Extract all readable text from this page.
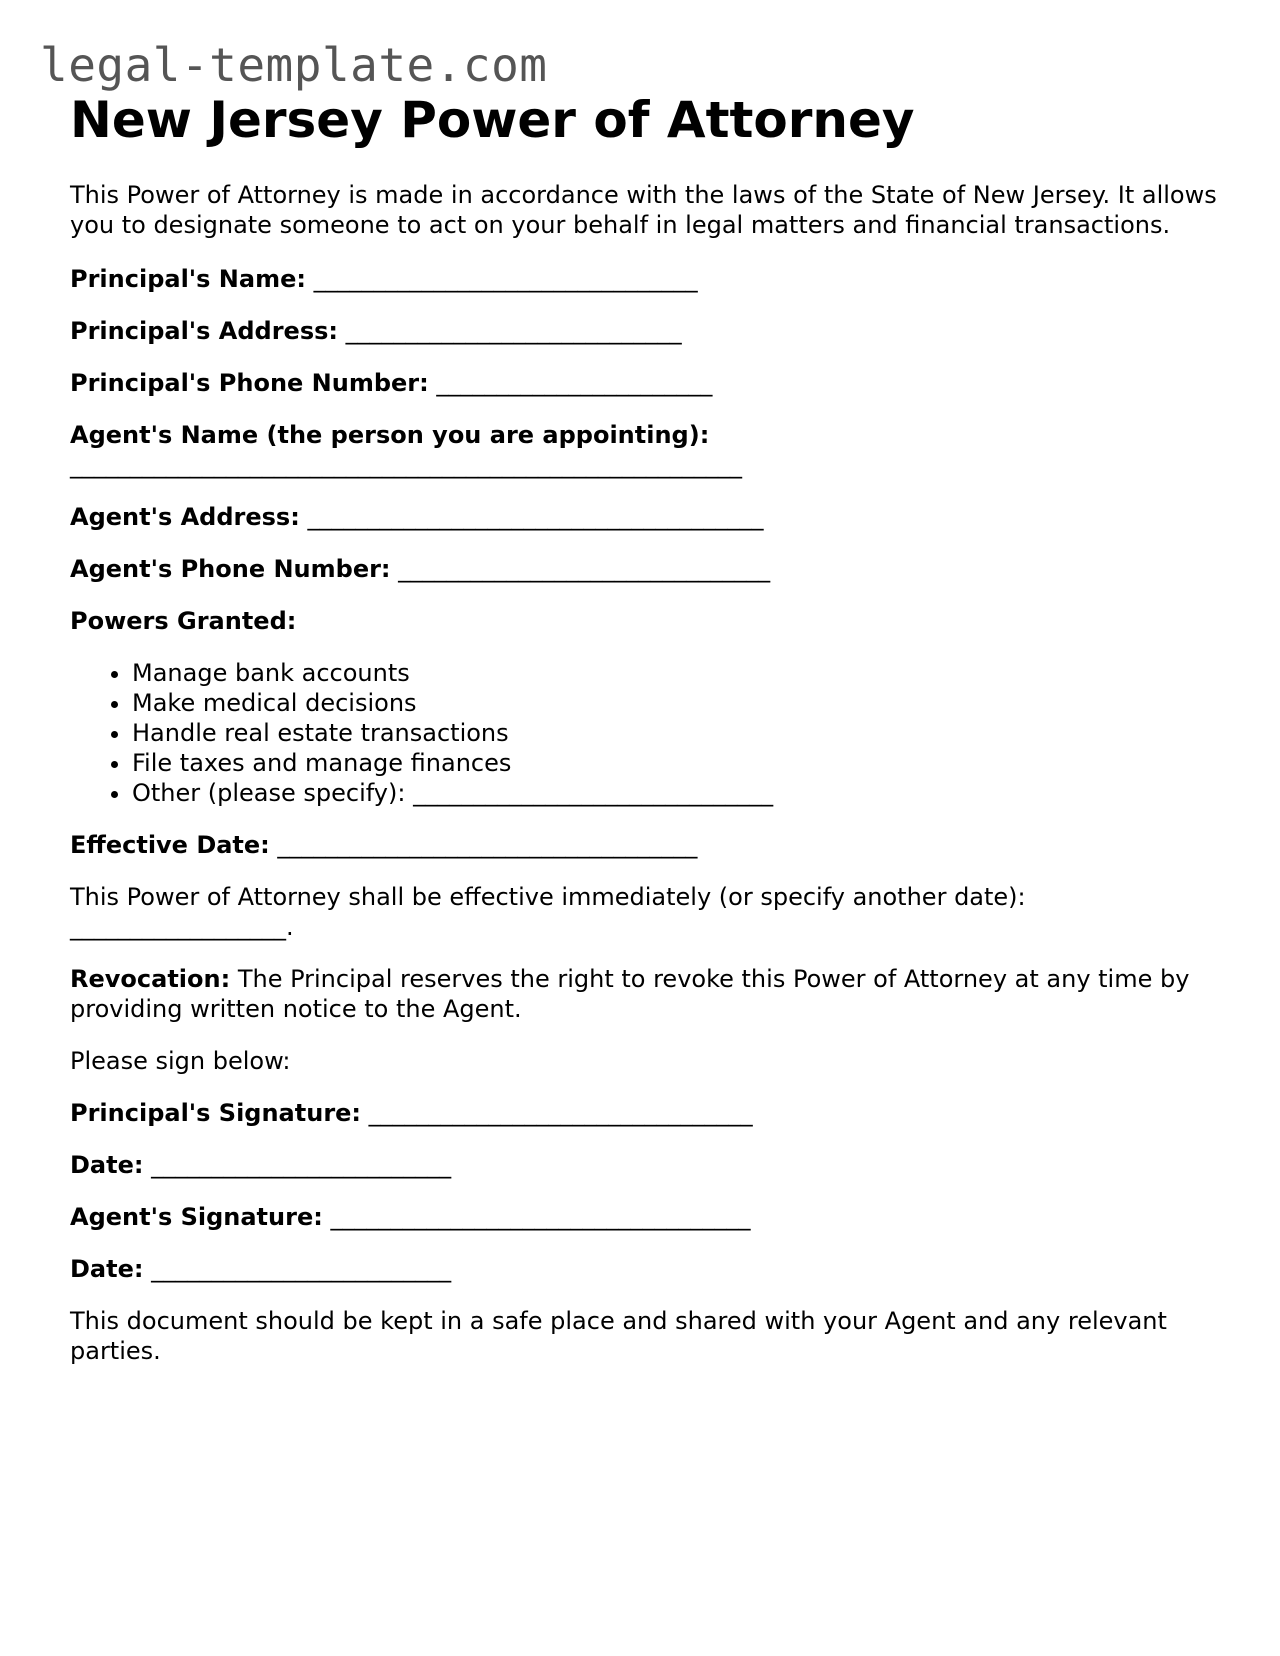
legal-template.com
New Jersey Power of Attorney

This Power of Attorney is made in accordance with the laws of the State of New Jersey. It allows you to designate someone to act on your behalf in legal matters and financial transactions.

Principal's Name: ________________________________

Principal's Address: ____________________________

Principal's Phone Number: _______________________

Agent's Name (the person you are appointing):
________________________________________________________

Agent's Address: ______________________________________

Agent's Phone Number: _______________________________

Powers Granted:

• Manage bank accounts
• Make medical decisions
• Handle real estate transactions
• File taxes and manage finances
• Other (please specify): ______________________________

Effective Date: ___________________________________

This Power of Attorney shall be effective immediately (or specify another date): __________________.

Revocation: The Principal reserves the right to revoke this Power of Attorney at any time by providing written notice to the Agent.

Please sign below:

Principal's Signature: ________________________________

Date: _________________________

Agent's Signature: ___________________________________

Date: _________________________

This document should be kept in a safe place and shared with your Agent and any relevant parties.
